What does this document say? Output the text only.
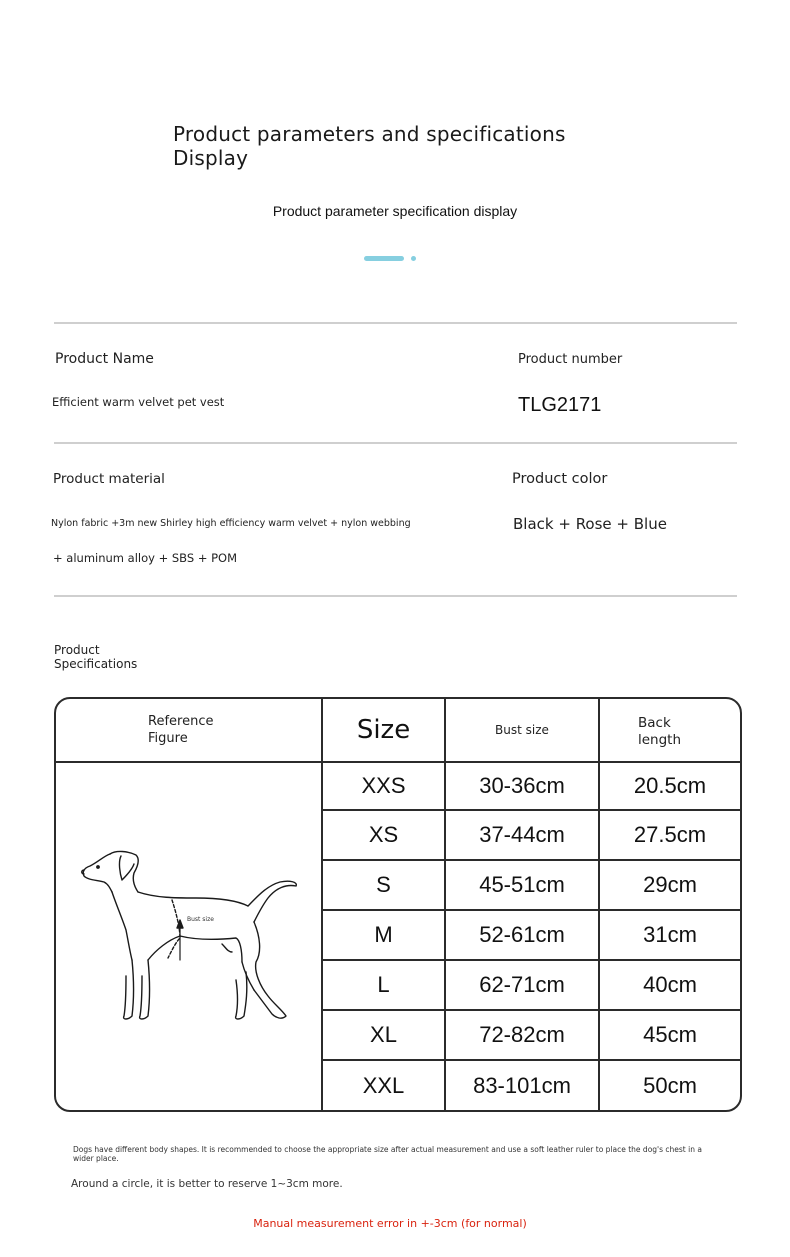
Product parameters and specifications
Display
Product parameter specification display
Product Name
Efficient warm velvet pet vest
Product number
TLG2171
Product material
Nylon fabric +3m new Shirley high efficiency warm velvet + nylon webbing
+ aluminum alloy + SBS + POM
Product color
Black + Rose + Blue
Product
Specifications
Reference
Figure	Size	Bust size	Back
length
XXS	30-36cm	20.5cm
XS	37-44cm	27.5cm
S	45-51cm	29cm
M	52-61cm	31cm
L	62-71cm	40cm
XL	72-82cm	45cm
XXL	83-101cm	50cm
Bust size
Dogs have different body shapes. It is recommended to choose the appropriate size after actual measurement and use a soft leather ruler to place the dog's chest in a wider place.
Around a circle, it is better to reserve 1~3cm more.
Manual measurement error in +-3cm (for normal)
